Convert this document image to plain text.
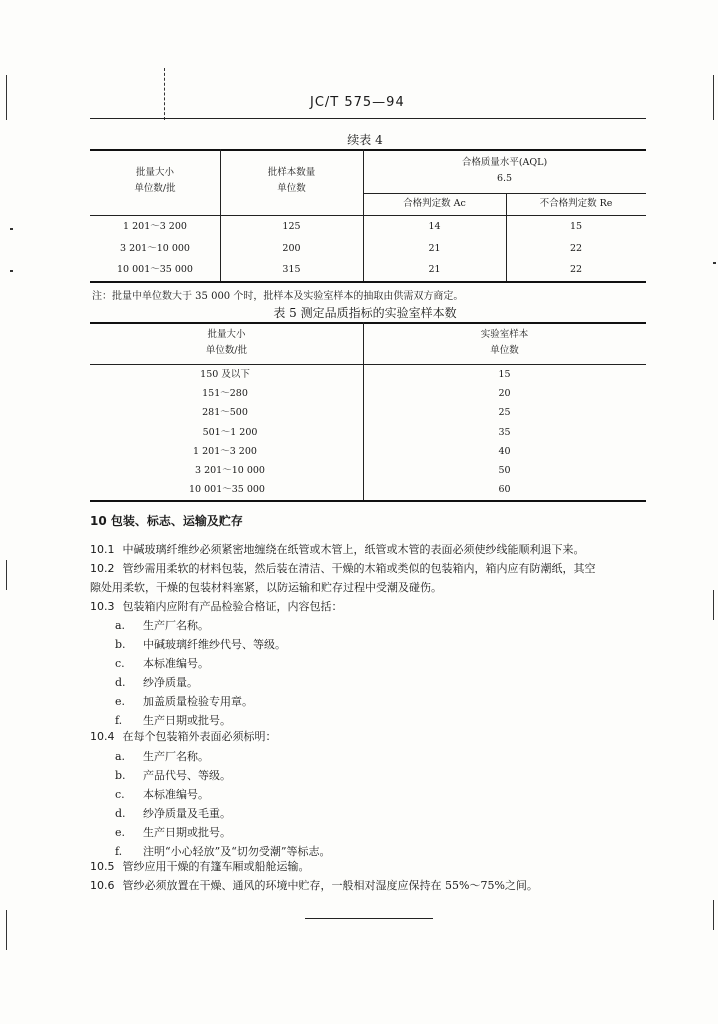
JC/T 575—94
续表 4
批量大小
单位数/批
批样本数量
单位数
合格质量水平(AQL)
6.5
合格判定数 Ac	不合格判定数 Re
1 201～3 200	125	14	15
3 201～10 000	200	21	22
10 001～35 000	315	21	22
注：批量中单位数大于 35 000 个时，批样本及实验室样本的抽取由供需双方商定。
表 5 测定品质指标的实验室样本数
批量大小
单位数/批
实验室样本
单位数
150 及以下	15
151～280	20
281～500	25
501～1 200	35
1 201～3 200	40
3 201～10 000	50
10 001～35 000	60
10 包装、标志、运输及贮存
10.1 中碱玻璃纤维纱必须紧密地缠绕在纸管或木管上，纸管或木管的表面必须使纱线能顺利退下来。
10.2 管纱需用柔软的材料包装，然后装在清洁、干燥的木箱或类似的包装箱内，箱内应有防潮纸，其空
隙处用柔软，干燥的包装材料塞紧，以防运输和贮存过程中受潮及碰伤。
10.3 包装箱内应附有产品检验合格证，内容包括：
a. 生产厂名称。
b. 中碱玻璃纤维纱代号、等级。
c. 本标准编号。
d. 纱净质量。
e. 加盖质量检验专用章。
f. 生产日期或批号。
10.4 在每个包装箱外表面必须标明：
a. 生产厂名称。
b. 产品代号、等级。
c. 本标准编号。
d. 纱净质量及毛重。
e. 生产日期或批号。
f. 注明“小心轻放”及“切勿受潮”等标志。
10.5 管纱应用干燥的有篷车厢或船舱运输。
10.6 管纱必须放置在干燥、通风的环境中贮存，一般相对湿度应保持在 55%～75%之间。
